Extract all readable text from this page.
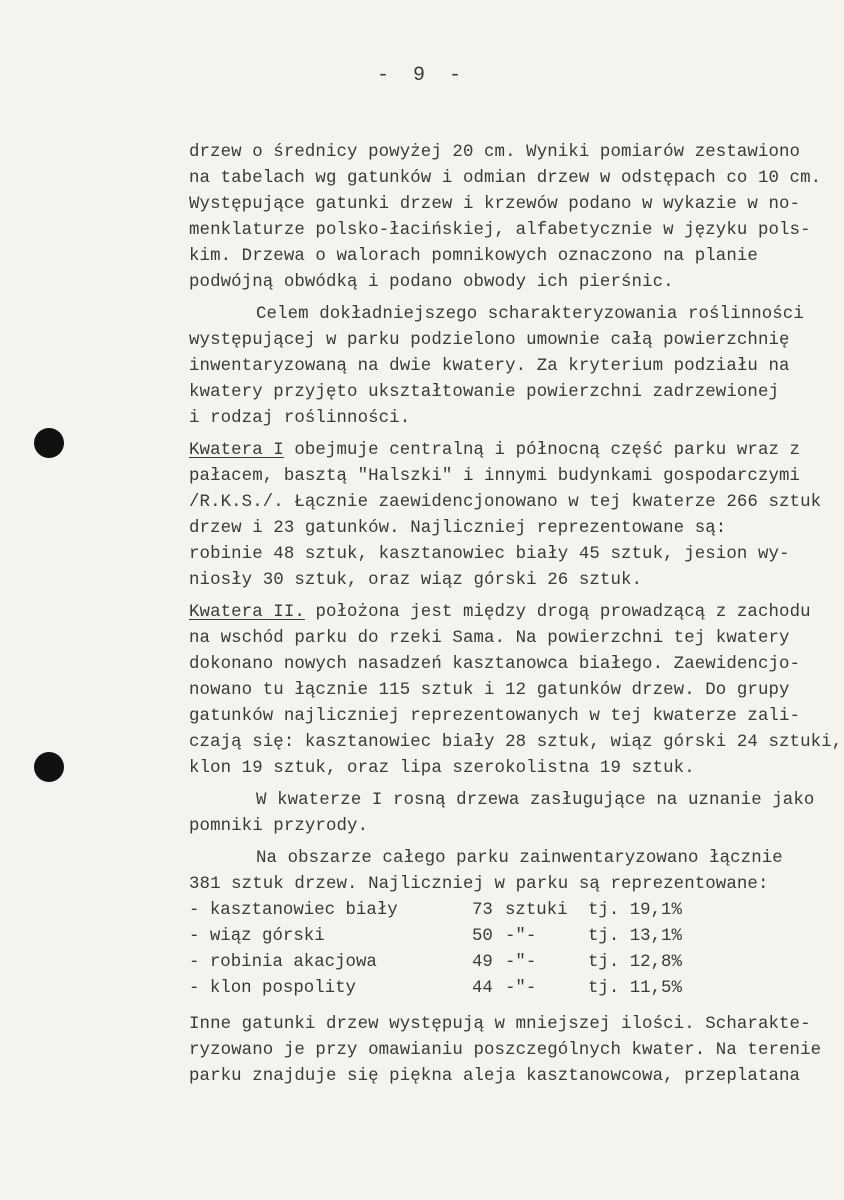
- 9 -
drzew o średnicy powyżej 20 cm. Wyniki pomiarów zestawiono
na tabelach wg gatunków i odmian drzew w odstępach co 10 cm.
Występujące gatunki drzew i krzewów podano w wykazie w no-
menklaturze polsko-łacińskiej, alfabetycznie w języku pols-
kim. Drzewa o walorach pomnikowych oznaczono na planie
podwójną obwódką i podano obwody ich pierśnic.
Celem dokładniejszego scharakteryzowania roślinności
występującej w parku podzielono umownie całą powierzchnię
inwentaryzowaną na dwie kwatery. Za kryterium podziału na
kwatery przyjęto ukształtowanie powierzchni zadrzewionej
i rodzaj roślinności.
Kwatera I obejmuje centralną i północną część parku wraz z
pałacem, basztą "Halszki" i innymi budynkami gospodarczymi
/R.K.S./. Łącznie zaewidencjonowano w tej kwaterze 266 sztuk
drzew i 23 gatunków. Najliczniej reprezentowane są:
robinie 48 sztuk, kasztanowiec biały 45 sztuk, jesion wy-
niosły 30 sztuk, oraz wiąz górski 26 sztuk.
Kwatera II. położona jest między drogą prowadzącą z zachodu
na wschód parku do rzeki Sama. Na powierzchni tej kwatery
dokonano nowych nasadzeń kasztanowca białego. Zaewidencjo-
nowano tu łącznie 115 sztuk i 12 gatunków drzew. Do grupy
gatunków najliczniej reprezentowanych w tej kwaterze zali-
czają się: kasztanowiec biały 28 sztuk, wiąz górski 24 sztuki,
klon 19 sztuk, oraz lipa szerokolistna 19 sztuk.
W kwaterze I rosną drzewa zasługujące na uznanie jako
pomniki przyrody.
Na obszarze całego parku zainwentaryzowano łącznie
381 sztuk drzew. Najliczniej w parku są reprezentowane:
- kasztanowiec biały	73 sztuki tj. 19,1%
- wiąz górski	50 -"-	tj. 13,1%
- robinia akacjowa	49 -"-	tj. 12,8%
- klon pospolity	44 -"-	tj. 11,5%
Inne gatunki drzew występują w mniejszej ilości. Scharakte-
ryzowano je przy omawianiu poszczególnych kwater. Na terenie
parku znajduje się piękna aleja kasztanowcowa, przeplatana
